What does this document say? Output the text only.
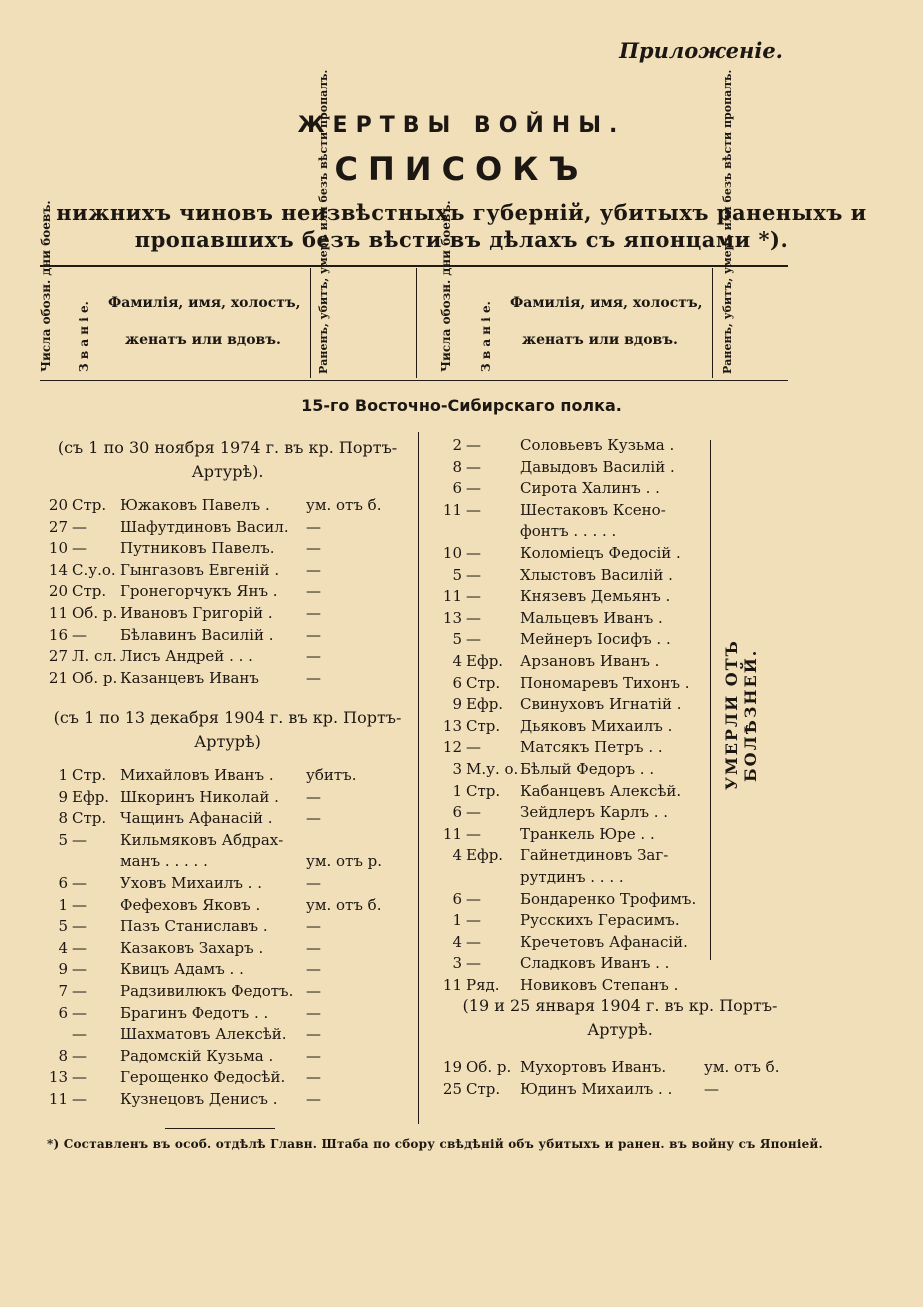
Приложеніе.
ЖЕРТВЫ ВОЙНЫ.
СПИСОКЪ
нижнихъ чиновъ неизвѣстныхъ губерній, убитыхъ раненыхъ и
пропавшихъ безъ вѣсти въ дѣлахъ съ японцами *).
Числа обозн. дни боевъ.	З в а н і е. Фамилія, имя, холостъ,
женатъ или вдовъ.	Раненъ, убитъ, умеръ или безъ вѣсти пропалъ.	Числа обозн. дни боевъ.	З в а н і е. Фамилія, имя, холостъ,
женатъ или вдовъ.	Раненъ, убитъ, умеръ или безъ вѣсти пропалъ.
15-го Восточно-Сибирскаго полка.
(съ 1 по 30 ноября 1974 г. въ кр. Портъ-Артурѣ).
20 Стр. Южаковъ Павелъ . ум. отъ б.
27 — Шафутдиновъ Васил. —
10 — Путниковъ Павелъ. —
14 С.у.о. Гынгазовъ Евгеній . —
20 Стр. Гронегорчукъ Янъ . —
11 Об. р. Ивановъ Григорій . —
16 — Бѣлавинъ Василій . —
27 Л. сл. Лисъ Андрей . . .	—
21 Об. р. Казанцевъ Иванъ	—
(съ 1 по 13 декабря 1904 г. въ кр. Портъ-Артурѣ)
1 Стр. Михайловъ Иванъ . убитъ.
9 Ефр. Шкоринъ Николай . —
8 Стр. Чащинъ Афанасій . —
5 — Кильмяковъ Абдрах-
манъ . . . . .	ум. отъ р.
6 — Уховъ Михаилъ . .	—
1 — Фефеховъ Яковъ .	ум. отъ б.
5 — Пазъ Станиславъ .	—
4 — Казаковъ Захаръ .	—
9 — Квицъ Адамъ . .	—
7 — Радзивилюкъ Федотъ. —
6 — Брагинъ Федотъ . .	—
— Шахматовъ Алексѣй. —
8 — Радомскій Кузьма . —
13 — Герощенко Федосѣй. —
11 — Кузнецовъ Денисъ . —
2 —	Соловьевъ Кузьма .
8 —	Давыдовъ Василій .
6 —	Сирота Халинъ . .
11 —	Шестаковъ Ксено-
фонтъ . . . . .
10 —	Коломіецъ Федосій .
5 —	Хлыстовъ Василій .
11 —	Князевъ Демьянъ .
13 —	Мальцевъ Иванъ .
5 —	Мейнеръ Іосифъ . .
4 Ефр. Арзановъ Иванъ .
6 Стр. Пономаревъ Тихонъ .
9 Ефр. Свинуховъ Игнатій .
13 Стр. Дьяковъ Михаилъ .
12 —	Матсякъ Петръ . .
3 М.у. о. Бѣлый Федоръ . .
1 Стр. Кабанцевъ Алексѣй.
6 —	Зейдлеръ Карлъ . .
11 —	Транкель Юре . .
4 Ефр. Гайнетдиновъ Заг-
рутдинъ . . . .
6 —	Бондаренко Трофимъ.
1 —	Русскихъ Герасимъ.
4 —	Кречетовъ Афанасій.
3 —	Сладковъ Иванъ . .
11 Ряд. Новиковъ Степанъ .
УМЕРЛИ ОТЪ БОЛѢЗНЕЙ.
(19 и 25 января 1904 г. въ кр. Портъ-Артурѣ.
19 Об. р. Мухортовъ Иванъ.	ум. отъ б.
25 Стр. Юдинъ Михаилъ . . —
*) Составленъ въ особ. отдѣлѣ Главн. Штаба по сбору свѣдѣній объ убитыхъ и ранен. въ войну съ Японіей.
